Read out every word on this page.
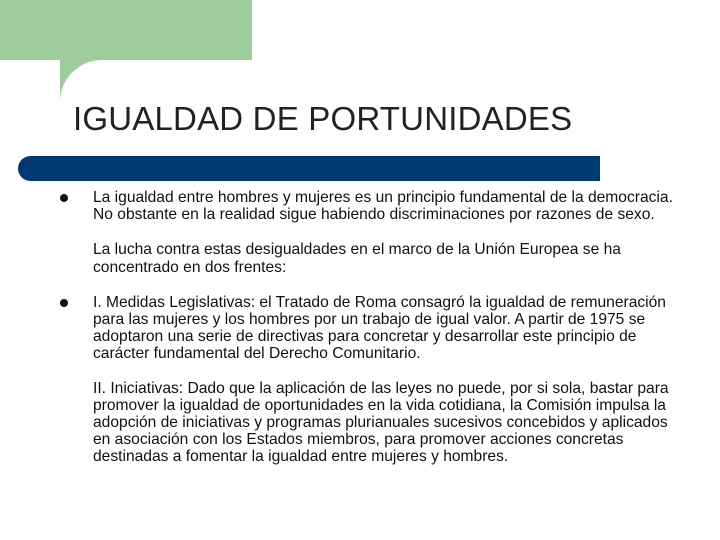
IGUALDAD DE PORTUNIDADES

La igualdad entre hombres y mujeres es un principio fundamental de la democracia. No obstante en la realidad sigue habiendo discriminaciones por razones de sexo.

La lucha contra estas desigualdades en el marco de la Unión Europea se ha concentrado en dos frentes:

I. Medidas Legislativas: el Tratado de Roma consagró la igualdad de remuneración para las mujeres y los hombres por un trabajo de igual valor. A partir de 1975 se adoptaron una serie de directivas para concretar y desarrollar este principio de carácter fundamental del Derecho Comunitario.

II. Iniciativas: Dado que la aplicación de las leyes no puede, por si sola, bastar para promover la igualdad de oportunidades en la vida cotidiana, la Comisión impulsa la adopción de iniciativas y programas plurianuales sucesivos concebidos y aplicados en asociación con los Estados miembros, para promover acciones concretas destinadas a fomentar la igualdad entre mujeres y hombres.
